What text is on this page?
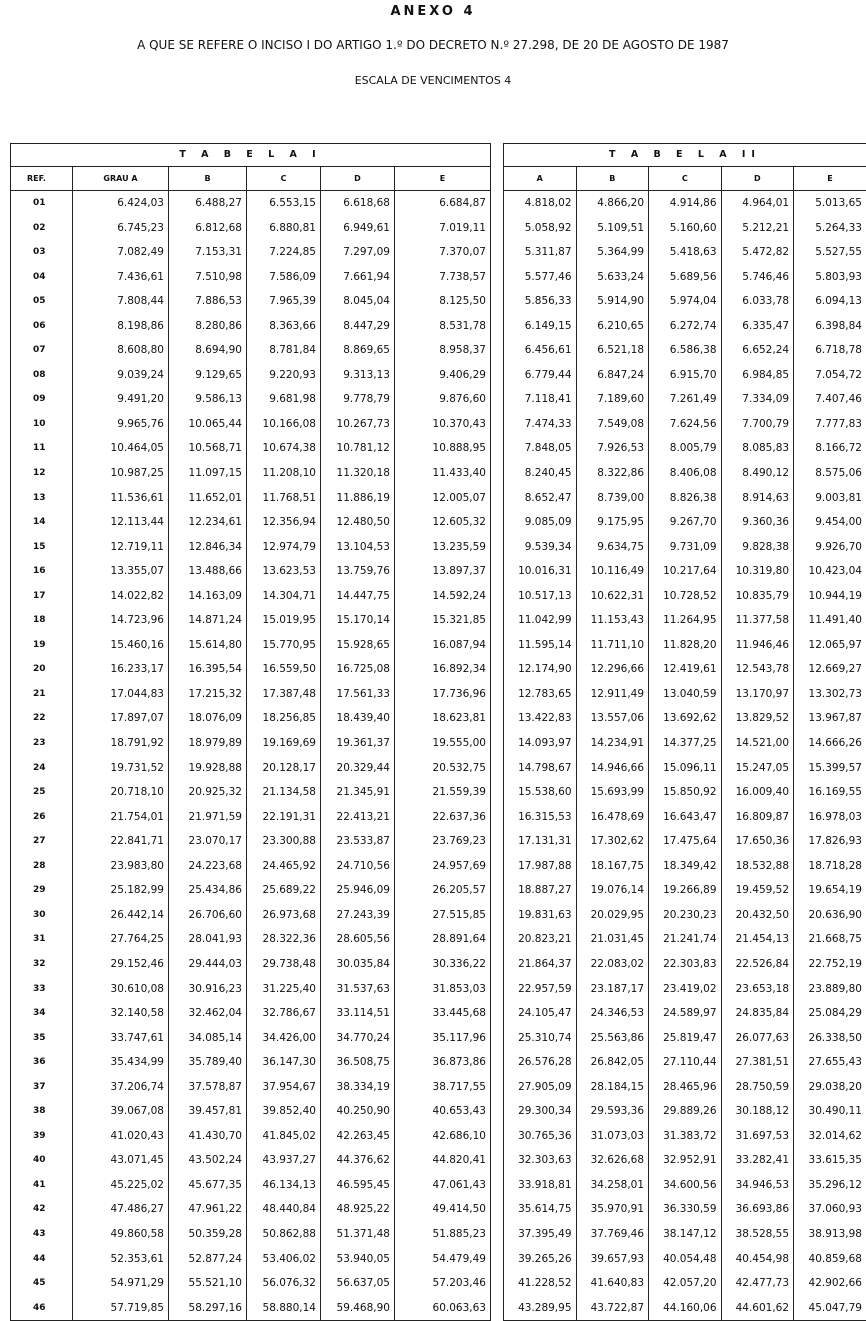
ANEXO 4
A QUE SE REFERE O INCISO I DO ARTIGO 1.º DO DECRETO N.º 27.298, DE 20 DE AGOSTO DE 1987
ESCALA DE VENCIMENTOS 4
T A B E L A I					
REF.	GRAU A	B	C	D	E
01	6.424,03	6.488,27	6.553,15	6.618,68	6.684,87
02	6.745,23	6.812,68	6.880,81	6.949,61	7.019,11
03	7.082,49	7.153,31	7.224,85	7.297,09	7.370,07
04	7.436,61	7.510,98	7.586,09	7.661,94	7.738,57
05	7.808,44	7.886,53	7.965,39	8.045,04	8.125,50
06	8.198,86	8.280,86	8.363,66	8.447,29	8.531,78
07	8.608,80	8.694,90	8.781,84	8.869,65	8.958,37
08	9.039,24	9.129,65	9.220,93	9.313,13	9.406,29
09	9.491,20	9.586,13	9.681,98	9.778,79	9.876,60
10	9.965,76	10.065,44	10.166,08	10.267,73	10.370,43
11	10.464,05	10.568,71	10.674,38	10.781,12	10.888,95
12	10.987,25	11.097,15	11.208,10	11.320,18	11.433,40
13	11.536,61	11.652,01	11.768,51	11.886,19	12.005,07
14	12.113,44	12.234,61	12.356,94	12.480,50	12.605,32
15	12.719,11	12.846,34	12.974,79	13.104,53	13.235,59
16	13.355,07	13.488,66	13.623,53	13.759,76	13.897,37
17	14.022,82	14.163,09	14.304,71	14.447,75	14.592,24
18	14.723,96	14.871,24	15.019,95	15.170,14	15.321,85
19	15.460,16	15.614,80	15.770,95	15.928,65	16.087,94
20	16.233,17	16.395,54	16.559,50	16.725,08	16.892,34
21	17.044,83	17.215,32	17.387,48	17.561,33	17.736,96
22	17.897,07	18.076,09	18.256,85	18.439,40	18.623,81
23	18.791,92	18.979,89	19.169,69	19.361,37	19.555,00
24	19.731,52	19.928,88	20.128,17	20.329,44	20.532,75
25	20.718,10	20.925,32	21.134,58	21.345,91	21.559,39
26	21.754,01	21.971,59	22.191,31	22.413,21	22.637,36
27	22.841,71	23.070,17	23.300,88	23.533,87	23.769,23
28	23.983,80	24.223,68	24.465,92	24.710,56	24.957,69
29	25.182,99	25.434,86	25.689,22	25.946,09	26.205,57
30	26.442,14	26.706,60	26.973,68	27.243,39	27.515,85
31	27.764,25	28.041,93	28.322,36	28.605,56	28.891,64
32	29.152,46	29.444,03	29.738,48	30.035,84	30.336,22
33	30.610,08	30.916,23	31.225,40	31.537,63	31.853,03
34	32.140,58	32.462,04	32.786,67	33.114,51	33.445,68
35	33.747,61	34.085,14	34.426,00	34.770,24	35.117,96
36	35.434,99	35.789,40	36.147,30	36.508,75	36.873,86
37	37.206,74	37.578,87	37.954,67	38.334,19	38.717,55
38	39.067,08	39.457,81	39.852,40	40.250,90	40.653,43
39	41.020,43	41.430,70	41.845,02	42.263,45	42.686,10
40	43.071,45	43.502,24	43.937,27	44.376,62	44.820,41
41	45.225,02	45.677,35	46.134,13	46.595,45	47.061,43
42	47.486,27	47.961,22	48.440,84	48.925,22	49.414,50
43	49.860,58	50.359,28	50.862,88	51.371,48	51.885,23
44	52.353,61	52.877,24	53.406,02	53.940,05	54.479,49
45	54.971,29	55.521,10	56.076,32	56.637,05	57.203,46
46	57.719,85	58.297,16	58.880,14	59.468,90	60.063,63
T A B E L A II				
A	B	C	D	E
4.818,02	4.866,20	4.914,86	4.964,01	5.013,65
5.058,92	5.109,51	5.160,60	5.212,21	5.264,33
5.311,87	5.364,99	5.418,63	5.472,82	5.527,55
5.577,46	5.633,24	5.689,56	5.746,46	5.803,93
5.856,33	5.914,90	5.974,04	6.033,78	6.094,13
6.149,15	6.210,65	6.272,74	6.335,47	6.398,84
6.456,61	6.521,18	6.586,38	6.652,24	6.718,78
6.779,44	6.847,24	6.915,70	6.984,85	7.054,72
7.118,41	7.189,60	7.261,49	7.334,09	7.407,46
7.474,33	7.549,08	7.624,56	7.700,79	7.777,83
7.848,05	7.926,53	8.005,79	8.085,83	8.166,72
8.240,45	8.322,86	8.406,08	8.490,12	8.575,06
8.652,47	8.739,00	8.826,38	8.914,63	9.003,81
9.085,09	9.175,95	9.267,70	9.360,36	9.454,00
9.539,34	9.634,75	9.731,09	9.828,38	9.926,70
10.016,31	10.116,49	10.217,64	10.319,80	10.423,04
10.517,13	10.622,31	10.728,52	10.835,79	10.944,19
11.042,99	11.153,43	11.264,95	11.377,58	11.491,40
11.595,14	11.711,10	11.828,20	11.946,46	12.065,97
12.174,90	12.296,66	12.419,61	12.543,78	12.669,27
12.783,65	12.911,49	13.040,59	13.170,97	13.302,73
13.422,83	13.557,06	13.692,62	13.829,52	13.967,87
14.093,97	14.234,91	14.377,25	14.521,00	14.666,26
14.798,67	14.946,66	15.096,11	15.247,05	15.399,57
15.538,60	15.693,99	15.850,92	16.009,40	16.169,55
16.315,53	16.478,69	16.643,47	16.809,87	16.978,03
17.131,31	17.302,62	17.475,64	17.650,36	17.826,93
17.987,88	18.167,75	18.349,42	18.532,88	18.718,28
18.887,27	19.076,14	19.266,89	19.459,52	19.654,19
19.831,63	20.029,95	20.230,23	20.432,50	20.636,90
20.823,21	21.031,45	21.241,74	21.454,13	21.668,75
21.864,37	22.083,02	22.303,83	22.526,84	22.752,19
22.957,59	23.187,17	23.419,02	23.653,18	23.889,80
24.105,47	24.346,53	24.589,97	24.835,84	25.084,29
25.310,74	25.563,86	25.819,47	26.077,63	26.338,50
26.576,28	26.842,05	27.110,44	27.381,51	27.655,43
27.905,09	28.184,15	28.465,96	28.750,59	29.038,20
29.300,34	29.593,36	29.889,26	30.188,12	30.490,11
30.765,36	31.073,03	31.383,72	31.697,53	32.014,62
32.303,63	32.626,68	32.952,91	33.282,41	33.615,35
33.918,81	34.258,01	34.600,56	34.946,53	35.296,12
35.614,75	35.970,91	36.330,59	36.693,86	37.060,93
37.395,49	37.769,46	38.147,12	38.528,55	38.913,98
39.265,26	39.657,93	40.054,48	40.454,98	40.859,68
41.228,52	41.640,83	42.057,20	42.477,73	42.902,66
43.289,95	43.722,87	44.160,06	44.601,62	45.047,79
